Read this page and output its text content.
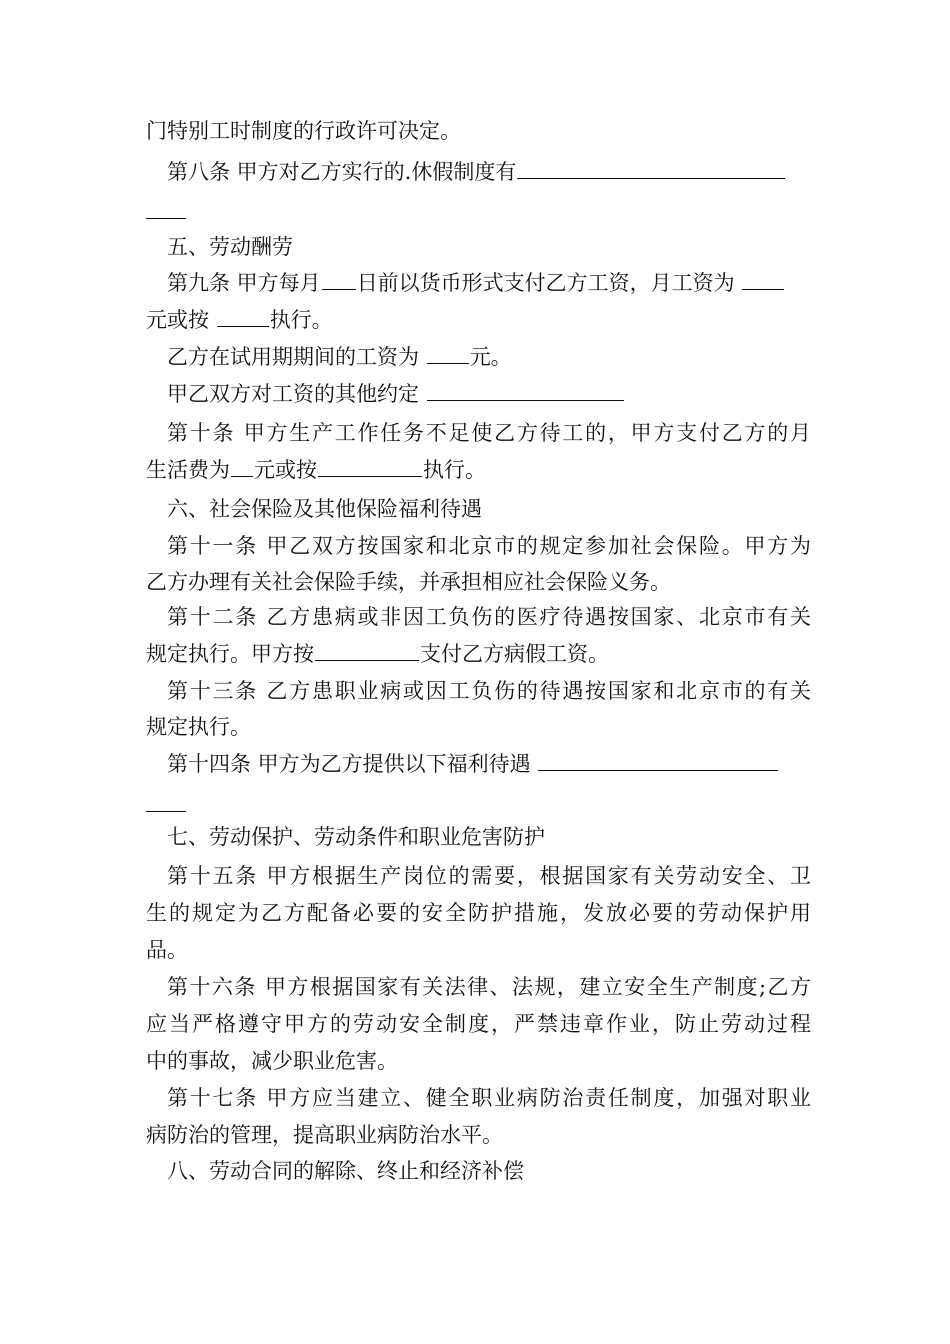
门特别工时制度的行政许可决定。
第八条 甲方对乙方实行的.休假制度有
五、劳动酬劳
第九条 甲方每月 日前以货币形式支付乙方工资，月工资为
元或按	执行。
乙方在试用期期间的工资为 元。
甲乙双方对工资的其他约定
第十条 甲方生产工作任务不足使乙方待工的，甲方支付乙方的月
生活费为 元或按	执行。
六、社会保险及其他保险福利待遇
第十一条 甲乙双方按国家和北京市的规定参加社会保险。甲方为
乙方办理有关社会保险手续，并承担相应社会保险义务。
第十二条 乙方患病或非因工负伤的医疗待遇按国家、北京市有关
规定执行。甲方按	支付乙方病假工资。
第十三条 乙方患职业病或因工负伤的待遇按国家和北京市的有关
规定执行。
第十四条 甲方为乙方提供以下福利待遇
七、劳动保护、劳动条件和职业危害防护
第十五条 甲方根据生产岗位的需要，根据国家有关劳动安全、卫
生的规定为乙方配备必要的安全防护措施，发放必要的劳动保护用
品。
第十六条 甲方根据国家有关法律、法规，建立安全生产制度;乙方
应当严格遵守甲方的劳动安全制度，严禁违章作业，防止劳动过程
中的事故，减少职业危害。
第十七条 甲方应当建立、健全职业病防治责任制度，加强对职业
病防治的管理，提高职业病防治水平。
八、劳动合同的解除、终止和经济补偿
